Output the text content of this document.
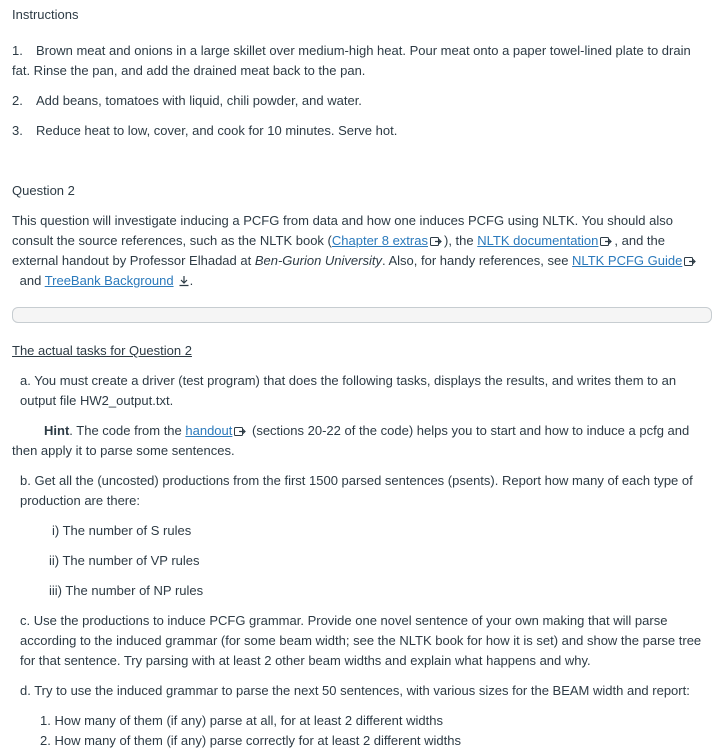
Instructions

1. Brown meat and onions in a large skillet over medium-high heat. Pour meat onto a paper towel-lined plate to drain fat. Rinse the pan, and add the drained meat back to the pan.

2. Add beans, tomatoes with liquid, chili powder, and water.

3. Reduce heat to low, cover, and cook for 10 minutes. Serve hot.

Question 2

This question will investigate inducing a PCFG from data and how one induces PCFG using NLTK. You should also consult the source references, such as the NLTK book (Chapter 8 extras ), the NLTK documentation , and the external handout by Professor Elhadad at Ben-Gurion University. Also, for handy references, see NLTK PCFG Guide

and TreeBank Background .

The actual tasks for Question 2

a. You must create a driver (test program) that does the following tasks, displays the results, and writes them to an output file HW2_output.txt.

Hint. The code from the handout
(sections 20-22 of the code) helps you to start and how to induce a pcfg and then apply it to parse some sentences.

b. Get all the (uncosted) productions from the first 1500 parsed sentences (psents). Report how many of each type of production are there:

i) The number of S rules

ii) The number of VP rules

iii) The number of NP rules

c. Use the productions to induce PCFG grammar. Provide one novel sentence of your own making that will parse according to the induced grammar (for some beam width; see the NLTK book for how it is set) and show the parse tree for that sentence. Try parsing with at least 2 other beam widths and explain what happens and why.

d. Try to use the induced grammar to parse the next 50 sentences, with various sizes for the BEAM width and report:

1. How many of them (if any) parse at all, for at least 2 different widths

2. How many of them (if any) parse correctly for at least 2 different widths
